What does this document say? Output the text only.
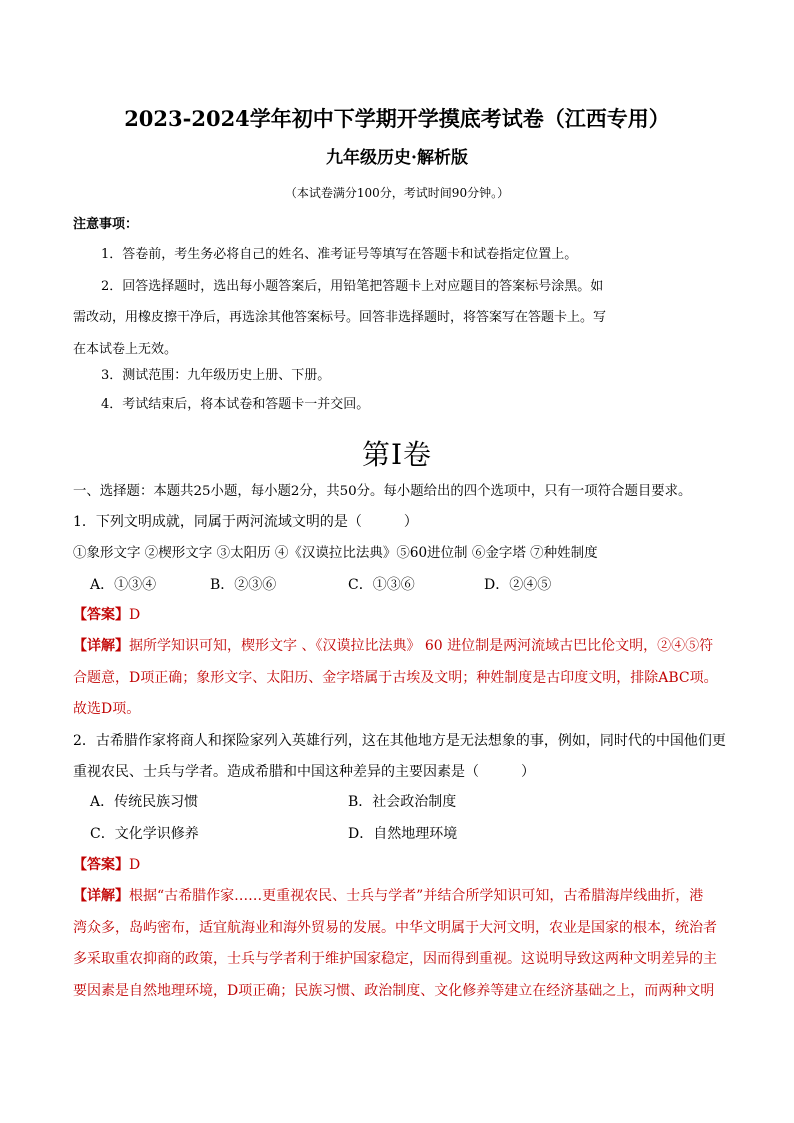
2023-2024学年初中下学期开学摸底考试卷（江西专用）
九年级历史·解析版
（本试卷满分100分，考试时间90分钟。）
注意事项：
1．答卷前，考生务必将自己的姓名、准考证号等填写在答题卡和试卷指定位置上。
2．回答选择题时，选出每小题答案后，用铅笔把答题卡上对应题目的答案标号涂黑。如
需改动，用橡皮擦干净后，再选涂其他答案标号。回答非选择题时，将答案写在答题卡上。写
在本试卷上无效。
3．测试范围：九年级历史上册、下册。
4．考试结束后，将本试卷和答题卡一并交回。
第Ⅰ卷
一、选择题：本题共25小题，每小题2分，共50分。每小题给出的四个选项中，只有一项符合题目要求。
1．下列文明成就，同属于两河流域文明的是（　　　）
①象形文字 ②楔形文字 ③太阳历 ④《汉谟拉比法典》⑤60进位制 ⑥金字塔 ⑦种姓制度
A．①③④	B．②③⑥	C．①③⑥	D．②④⑤
【答案】D
【详解】据所学知识可知，楔形文字 、《汉谟拉比法典》 60 进位制是两河流域古巴比伦文明，②④⑤符
合题意，D项正确；象形文字、太阳历、金字塔属于古埃及文明；种姓制度是古印度文明，排除ABC项。
故选D项。
2．古希腊作家将商人和探险家列入英雄行列，这在其他地方是无法想象的事，例如，同时代的中国他们更
重视农民、士兵与学者。造成希腊和中国这种差异的主要因素是（　　　）
A．传统民族习惯	B．社会政治制度
C．文化学识修养	D．自然地理环境
【答案】D
【详解】根据“古希腊作家……更重视农民、士兵与学者”并结合所学知识可知，古希腊海岸线曲折，港
湾众多，岛屿密布，适宜航海业和海外贸易的发展。中华文明属于大河文明，农业是国家的根本，统治者
多采取重农抑商的政策，士兵与学者利于维护国家稳定，因而得到重视。这说明导致这两种文明差异的主
要因素是自然地理环境，D项正确；民族习惯、政治制度、文化修养等建立在经济基础之上，而两种文明
